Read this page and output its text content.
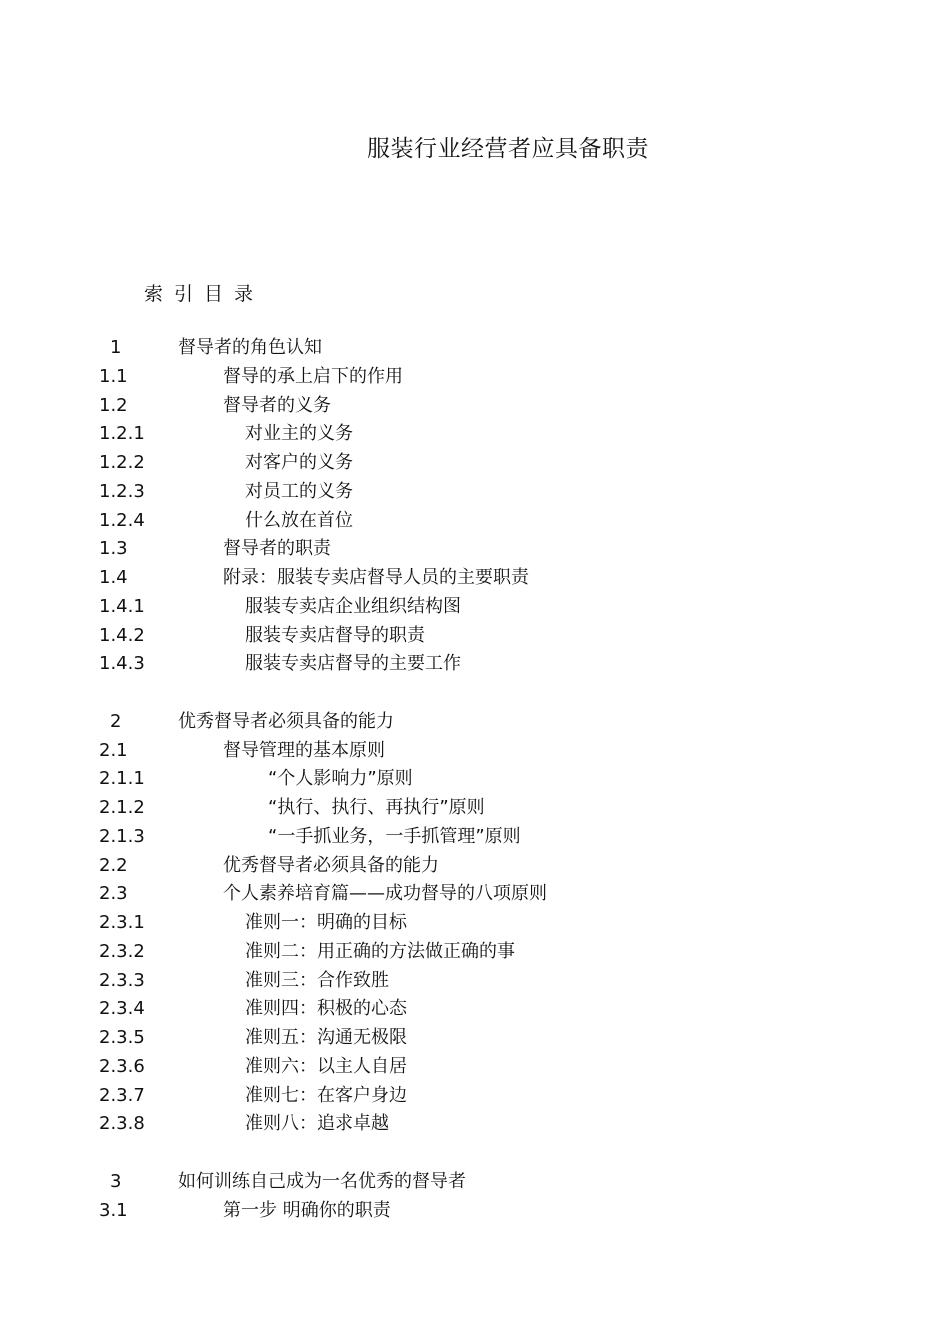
服装行业经营者应具备职责
索引目录
1	督导者的角色认知
1.1	督导的承上启下的作用
1.2	督导者的义务
1.2.1	对业主的义务
1.2.2	对客户的义务
1.2.3	对员工的义务
1.2.4	什么放在首位
1.3	督导者的职责
1.4	附录：服装专卖店督导人员的主要职责
1.4.1	服装专卖店企业组织结构图
1.4.2	服装专卖店督导的职责
1.4.3	服装专卖店督导的主要工作
2	优秀督导者必须具备的能力
2.1	督导管理的基本原则
2.1.1	“个人影响力”原则
2.1.2	“执行、执行、再执行”原则
2.1.3	“一手抓业务，一手抓管理”原则
2.2	优秀督导者必须具备的能力
2.3	个人素养培育篇——成功督导的八项原则
2.3.1	准则一：明确的目标
2.3.2	准则二：用正确的方法做正确的事
2.3.3	准则三：合作致胜
2.3.4	准则四：积极的心态
2.3.5	准则五：沟通无极限
2.3.6	准则六：以主人自居
2.3.7	准则七：在客户身边
2.3.8	准则八：追求卓越
3	如何训练自己成为一名优秀的督导者
3.1	第一步 明确你的职责
